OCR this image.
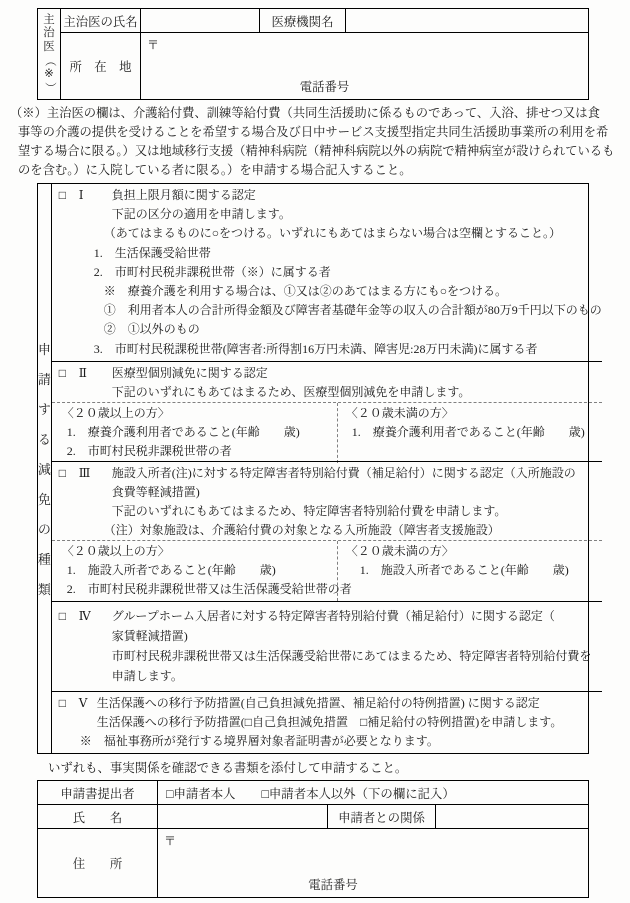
主
治
医
（
※
）
主治医の氏名	医療機関名
所　在　地
〒
電話番号
（※）主治医の欄は、介護給付費、訓練等給付費（共同生活援助に係るものであって、入浴、排せつ又は食
事等の介護の提供を受けることを希望する場合及び日中サービス支援型指定共同生活援助事業所の利用を希
望する場合に限る。）又は地域移行支援（精神科病院（精神科病院以外の病院で精神病室が設けられているも
のを含む。）に入院している者に限る。）を申請する場合記入すること。
申
請
す
る
減
免
の
種
類
□	Ⅰ	負担上限月額に関する認定
下記の区分の適用を申請します。
（あてはまるものに○をつける。いずれにもあてはまらない場合は空欄とすること。）
1.　生活保護受給世帯
2.　市町村民税非課税世帯（※）に属する者
※　療養介護を利用する場合は、①又は②のあてはまる方にも○をつける。
①　利用者本人の合計所得金額及び障害者基礎年金等の収入の合計額が80万9千円以下のもの
②　①以外のもの
3.　市町村民税課税世帯(障害者:所得割16万円未満、障害児:28万円未満)に属する者
□	Ⅱ	医療型個別減免に関する認定
下記のいずれにもあてはまるため、医療型個別減免を申請します。
〈２０歳以上の方〉
1.　療養介護利用者であること(年齢　　歳)
2.　市町村民税非課税世帯の者
〈２０歳未満の方〉
1.　療養介護利用者であること(年齢　　歳)
□	Ⅲ	施設入所者(注)に対する特定障害者特別給付費（補足給付）に関する認定（入所施設の
食費等軽減措置)
下記のいずれにもあてはまるため、特定障害者特別給付費を申請します。
（注）対象施設は、介護給付費の対象となる入所施設（障害者支援施設）
〈２０歳以上の方〉
1.　施設入所者であること(年齢　　歳)
2.　市町村民税非課税世帯又は生活保護受給世帯の者
〈２０歳未満の方〉
1.　施設入所者であること(年齢　　歳)
□	Ⅳ	グループホーム入居者に対する特定障害者特別給付費（補足給付）に関する認定（
家賃軽減措置)
市町村民税非課税世帯又は生活保護受給世帯にあてはまるため、特定障害者特別給付費を
申請します。
□	Ⅴ 生活保護への移行予防措置(自己負担減免措置、補足給付の特例措置) に関する認定
生活保護への移行予防措置(□自己負担減免措置　□補足給付の特例措置)を申請します。
※　福祉事務所が発行する境界層対象者証明書が必要となります。
いずれも、事実関係を確認できる書類を添付して申請すること。
申請書提出者	□申請者本人 □申請者本人以外（下の欄に記入）
氏　　名	申請者との関係
住　　所
〒
電話番号
